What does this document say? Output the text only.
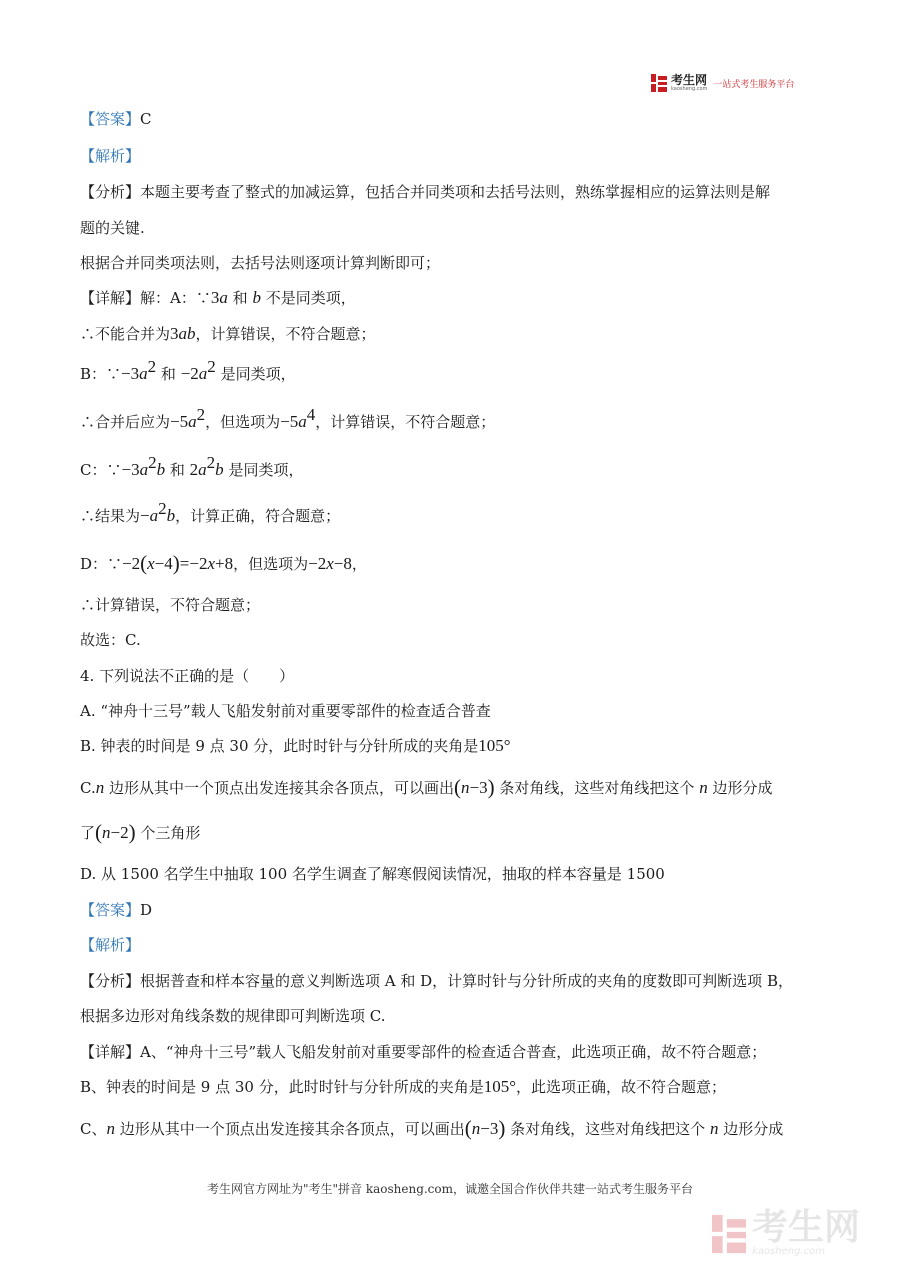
考生网
kaosheng.com 一站式考生服务平台
【答案】C
【解析】
【分析】本题主要考查了整式的加减运算，包括合并同类项和去括号法则，熟练掌握相应的运算法则是解
题的关键.
根据合并同类项法则，去括号法则逐项计算判断即可；
【详解】解：A：∵3a 和 b 不是同类项，
∴不能合并为3ab，计算错误，不符合题意；
B：$\because-3a^2$ 和 $-2a^2$ 是同类项，
∴合并后应为$-5a^2$，但选项为$-5a^4$，计算错误，不符合题意；
C：$\because-3a^2b$ 和 $2a^2b$ 是同类项，
∴结果为$-a^2b$，计算正确，符合题意；
D：∵−2(x−4)=−2x+8，但选项为−2x−8，
∴计算错误，不符合题意；
故选：C.
4. 下列说法不正确的是（　　）
A. “神舟十三号”载人飞船发射前对重要零部件的检查适合普查
B. 钟表的时间是 9 点 30 分，此时时针与分针所成的夹角是105°
C.n 边形从其中一个顶点出发连接其余各顶点，可以画出(n−3) 条对角线，这些对角线把这个 n 边形分成
了(n−2) 个三角形
D. 从 1500 名学生中抽取 100 名学生调查了解寒假阅读情况，抽取的样本容量是 1500
【答案】D
【解析】
【分析】根据普查和样本容量的意义判断选项 A 和 D，计算时针与分针所成的夹角的度数即可判断选项 B，
根据多边形对角线条数的规律即可判断选项 C.
【详解】A、“神舟十三号”载人飞船发射前对重要零部件的检查适合普查，此选项正确，故不符合题意；
B、钟表的时间是 9 点 30 分，此时时针与分针所成的夹角是105°，此选项正确，故不符合题意；
C、n 边形从其中一个顶点出发连接其余各顶点，可以画出(n−3) 条对角线，这些对角线把这个 n 边形分成
考生网官方网址为"考生"拼音 kaosheng.com，诚邀全国合作伙伴共建一站式考生服务平台
考生网
kaosheng.com
